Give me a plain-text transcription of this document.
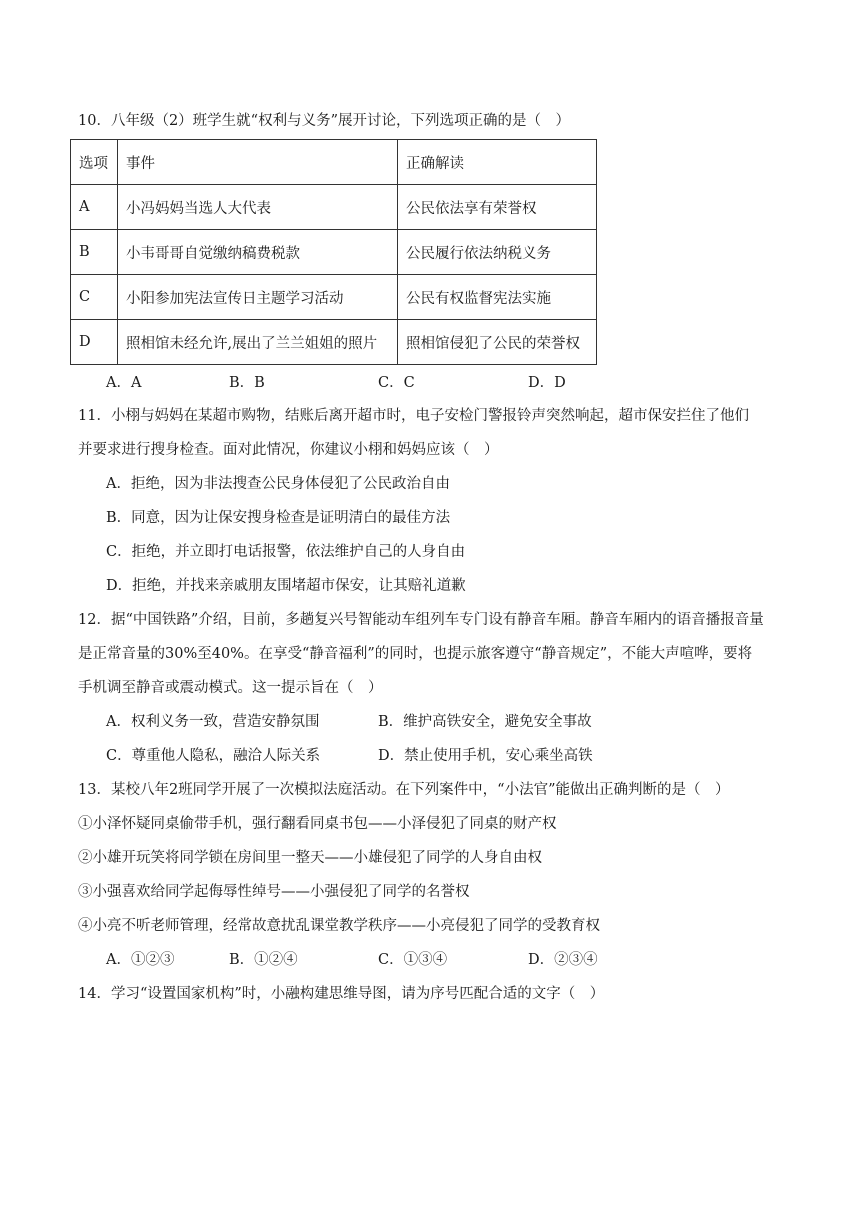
10．八年级（2）班学生就“权利与义务”展开讨论，下列选项正确的是（　）
选项	事件	正确解读
A	小冯妈妈当选人大代表	公民依法享有荣誉权
B	小韦哥哥自觉缴纳稿费税款	公民履行依法纳税义务
C	小阳参加宪法宣传日主题学习活动	公民有权监督宪法实施
D	照相馆未经允许,展出了兰兰姐姐的照片	照相馆侵犯了公民的荣誉权
A．A	B．B	C．C	D．D
11．小栩与妈妈在某超市购物，结账后离开超市时，电子安检门警报铃声突然响起，超市保安拦住了他们
并要求进行搜身检查。面对此情况，你建议小栩和妈妈应该（　）
A．拒绝，因为非法搜查公民身体侵犯了公民政治自由
B．同意，因为让保安搜身检查是证明清白的最佳方法
C．拒绝，并立即打电话报警，依法维护自己的人身自由
D．拒绝，并找来亲戚朋友围堵超市保安，让其赔礼道歉
12．据“中国铁路”介绍，目前，多趟复兴号智能动车组列车专门设有静音车厢。静音车厢内的语音播报音量
是正常音量的30%至40%。在享受“静音福利”的同时，也提示旅客遵守“静音规定”，不能大声喧哗，要将
手机调至静音或震动模式。这一提示旨在（　）
A．权利义务一致，营造安静氛围	B．维护高铁安全，避免安全事故
C．尊重他人隐私，融洽人际关系	D．禁止使用手机，安心乘坐高铁
13．某校八年2班同学开展了一次模拟法庭活动。在下列案件中，“小法官”能做出正确判断的是（　）
①小泽怀疑同桌偷带手机，强行翻看同桌书包——小泽侵犯了同桌的财产权
②小雄开玩笑将同学锁在房间里一整天——小雄侵犯了同学的人身自由权
③小强喜欢给同学起侮辱性绰号——小强侵犯了同学的名誉权
④小亮不听老师管理，经常故意扰乱课堂教学秩序——小亮侵犯了同学的受教育权
A．①②③	B．①②④	C．①③④	D．②③④
14．学习“设置国家机构”时，小融构建思维导图，请为序号匹配合适的文字（　）
